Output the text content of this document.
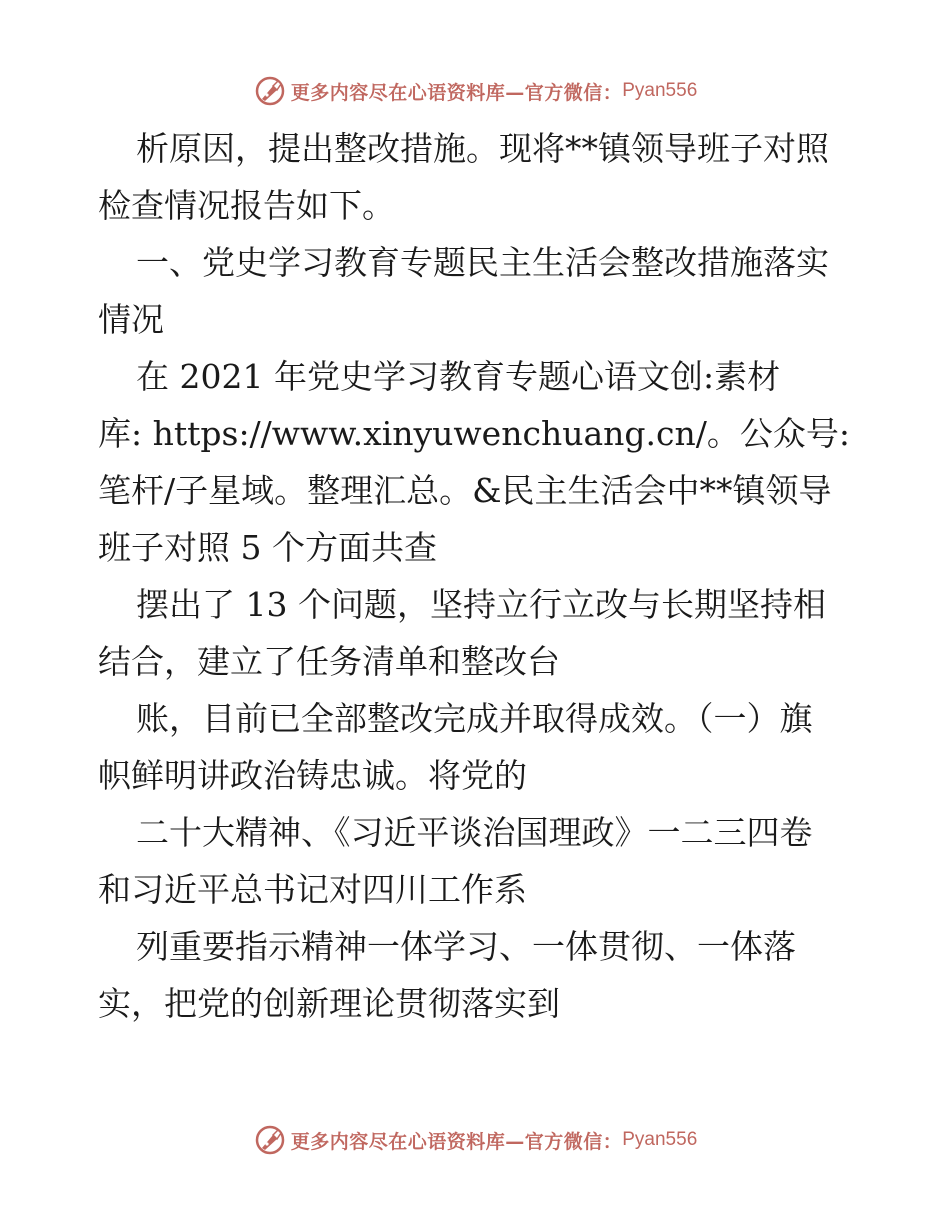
更多内容尽在心语资料库—官方微信： Pyan556
析原因，提出整改措施。现将**镇领导班子对照
检查情况报告如下。
一、党史学习教育专题民主生活会整改措施落实
情况
在 2021 年党史学习教育专题心语文创:素材
库: https://www.xinyuwenchuang.cn/。公众号:
笔杆/子星域。整理汇总。&民主生活会中**镇领导
班子对照 5 个方面共查
摆出了 13 个问题，坚持立行立改与长期坚持相
结合，建立了任务清单和整改台
账，目前已全部整改完成并取得成效。（一）旗
帜鲜明讲政治铸忠诚。将党的
二十大精神、《习近平谈治国理政》一二三四卷
和习近平总书记对四川工作系
列重要指示精神一体学习、一体贯彻、一体落
实，把党的创新理论贯彻落实到
更多内容尽在心语资料库—官方微信： Pyan556
